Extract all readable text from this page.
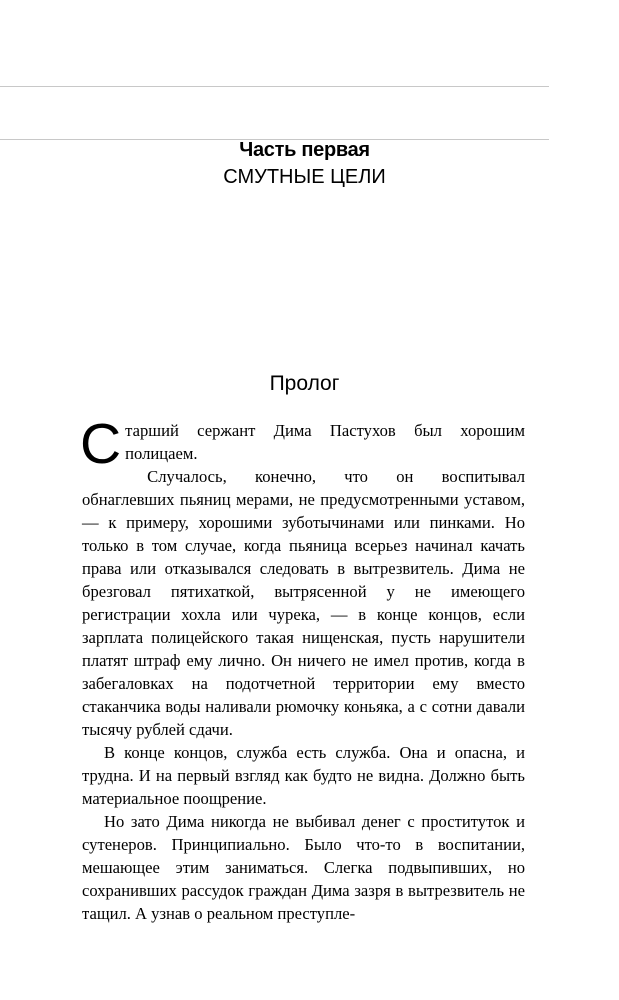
Часть первая
СМУТНЫЕ ЦЕЛИ
Пролог

Старший сержант Дима Пастухов был хорошим полицаем.

Случалось, конечно, что он воспитывал обнаглевших пьяниц мерами, не предусмотренными уставом, — к примеру, хорошими зуботычинами или пинками. Но только в том случае, когда пьяница всерьез начинал качать права или отказывался следовать в вытрезвитель. Дима не брезговал пятихаткой, вытрясенной у не имеющего регистрации хохла или чурека, — в конце концов, если зарплата полицейского такая нищенская, пусть нарушители платят штраф ему лично. Он ничего не имел против, когда в забегаловках на подотчетной территории ему вместо стаканчика воды наливали рюмочку коньяка, а с сотни давали тысячу рублей сдачи.

В конце концов, служба есть служба. Она и опасна, и трудна. И на первый взгляд как будто не видна. Должно быть материальное поощрение.

Но зато Дима никогда не выбивал денег с проституток и сутенеров. Принципиально. Было что-то в воспитании, мешающее этим заниматься. Слегка подвыпивших, но сохранивших рассудок граждан Дима зазря в вытрезвитель не тащил. А узнав о реальном преступле-
